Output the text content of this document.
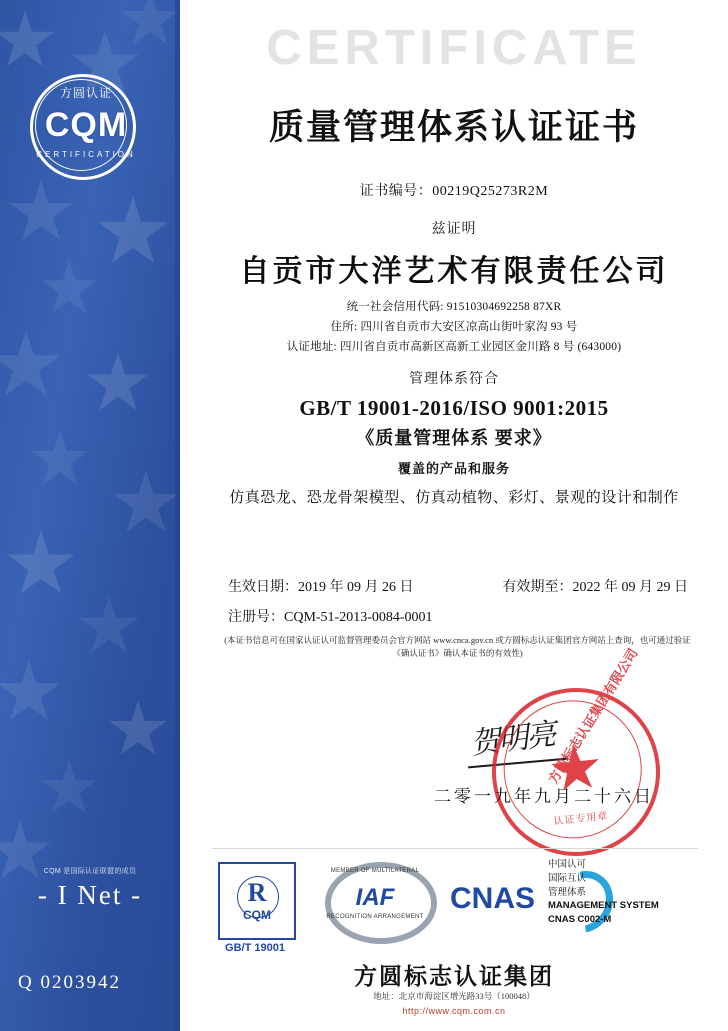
方圆认证
CQM
CERTIFICATION
CQM 是国际认证联盟的成员
- I Net -
Q 0203942
CERTIFICATE
质量管理体系认证证书
证书编号：00219Q25273R2M
兹证明
自贡市大洋艺术有限责任公司
统一社会信用代码: 91510304692258 87XR
住所: 四川省自贡市大安区凉高山街叶家沟 93 号
认证地址: 四川省自贡市高新区高新工业园区金川路 8 号 (643000)
管理体系符合
GB/T 19001-2016/ISO 9001:2015
《质量管理体系 要求》
覆盖的产品和服务
仿真恐龙、恐龙骨架模型、仿真动植物、彩灯、景观的设计和制作
生效日期：2019 年 09 月 26 日	有效期至：2022 年 09 月 29 日
注册号：CQM-51-2013-0084-0001
(本证书信息可在国家认证认可监督管理委员会官方网站 www.cnca.gov.cn 或方圆标志认证集团官方网站上查询，也可通过验证《确认证书》确认本证书的有效性)
贺明亮
方圆标志认证集团有限公司
认证专用章
二零一九年九月二十六日
R
CQM
GB/T 19001
MEMBER OF MULTILATERAL
IAF
RECOGNITION ARRANGEMENT
CNAS
中国认可
国际互认
管理体系
MANAGEMENT SYSTEM
CNAS C002-M
方圆标志认证集团
地址：北京市海淀区增光路33号（100048）
http://www.cqm.com.cn
